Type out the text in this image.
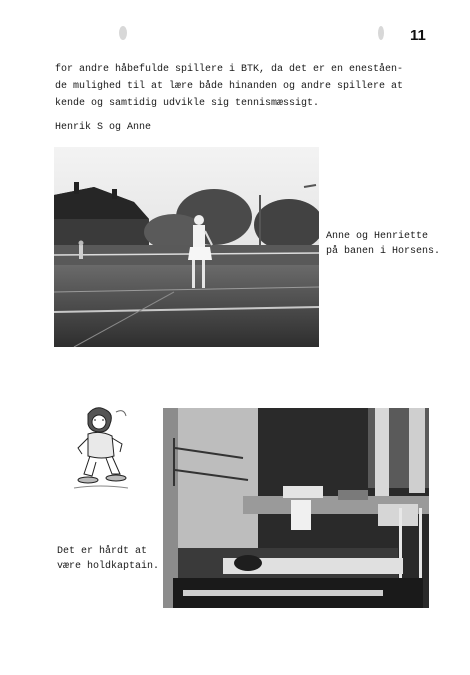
11
for andre håbefulde spillere i BTK, da det er en eneståen-
de mulighed til at lære både hinanden og andre spillere at
kende og samtidig udvikle sig tennismæssigt.
Henrik S og Anne
Anne og Henriette
på banen i Horsens.
Det er hårdt at
være holdkaptain.
